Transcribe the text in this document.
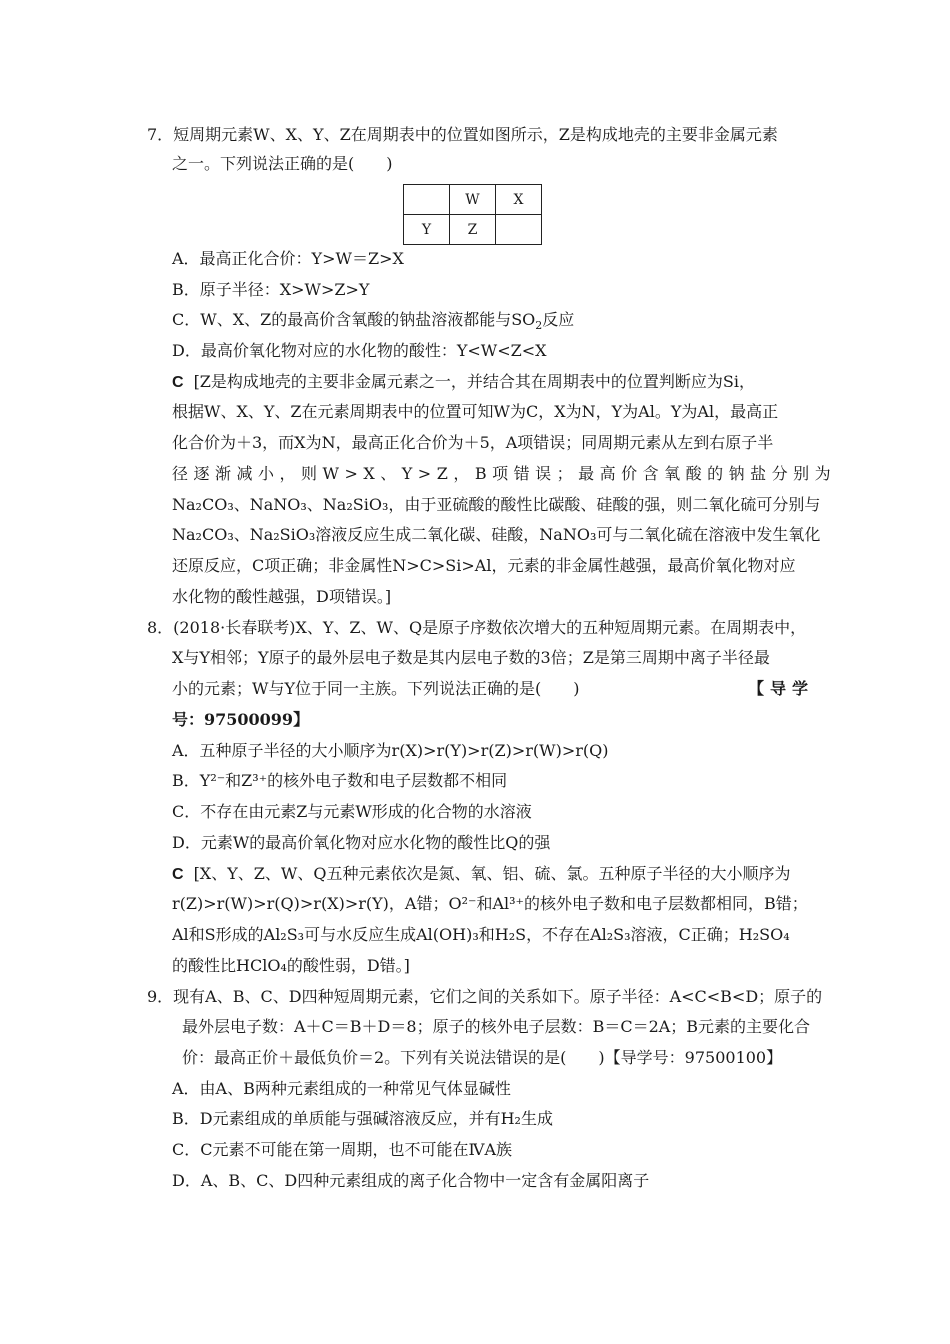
7．短周期元素W、X、Y、Z在周期表中的位置如图所示，Z是构成地壳的主要非金属元素
之一。下列说法正确的是(　　)
	W	X
Y	Z	
A．最高正化合价：Y>W＝Z>X
B．原子半径：X>W>Z>Y
C．W、X、Z的最高价含氧酸的钠盐溶液都能与$SO_2$反应
D．最高价氧化物对应的水化物的酸性：Y<W<Z<X
C [Z是构成地壳的主要非金属元素之一，并结合其在周期表中的位置判断应为Si，
根据W、X、Y、Z在元素周期表中的位置可知W为C，X为N，Y为Al。Y为Al，最高正
化合价为＋3，而X为N，最高正化合价为＋5，A项错误；同周期元素从左到右原子半
径逐渐减小，则W>X、Y>Z，B项错误；最高价含氧酸的钠盐分别为
Na₂CO₃、NaNO₃、Na₂SiO₃，由于亚硫酸的酸性比碳酸、硅酸的强，则二氧化硫可分别与
Na₂CO₃、Na₂SiO₃溶液反应生成二氧化碳、硅酸，NaNO₃可与二氧化硫在溶液中发生氧化
还原反应，C项正确；非金属性N>C>Si>Al，元素的非金属性越强，最高价氧化物对应
水化物的酸性越强，D项错误。]
8．(2018·长春联考)X、Y、Z、W、Q是原子序数依次增大的五种短周期元素。在周期表中，
X与Y相邻；Y原子的最外层电子数是其内层电子数的3倍；Z是第三周期中离子半径最
小的元素；W与Y位于同一主族。下列说法正确的是(　　)	【导学
号：97500099】
A．五种原子半径的大小顺序为r(X)>r(Y)>r(Z)>r(W)>r(Q)
B．Y²⁻和Z³⁺的核外电子数和电子层数都不相同
C．不存在由元素Z与元素W形成的化合物的水溶液
D．元素W的最高价氧化物对应水化物的酸性比Q的强
C [X、Y、Z、W、Q五种元素依次是氮、氧、铝、硫、氯。五种原子半径的大小顺序为
r(Z)>r(W)>r(Q)>r(X)>r(Y)，A错；O²⁻和Al³⁺的核外电子数和电子层数都相同，B错；
Al和S形成的Al₂S₃可与水反应生成Al(OH)₃和H₂S，不存在Al₂S₃溶液，C正确；H₂SO₄
的酸性比HClO₄的酸性弱，D错。]
9．现有A、B、C、D四种短周期元素，它们之间的关系如下。原子半径：A<C<B<D；原子的
最外层电子数：A＋C＝B＋D＝8；原子的核外电子层数：B＝C＝2A；B元素的主要化合
价：最高正价＋最低负价＝2。下列有关说法错误的是(　　)【导学号：97500100】
A．由A、B两种元素组成的一种常见气体显碱性
B．D元素组成的单质能与强碱溶液反应，并有H₂生成
C．C元素不可能在第一周期，也不可能在ⅣA族
D．A、B、C、D四种元素组成的离子化合物中一定含有金属阳离子
